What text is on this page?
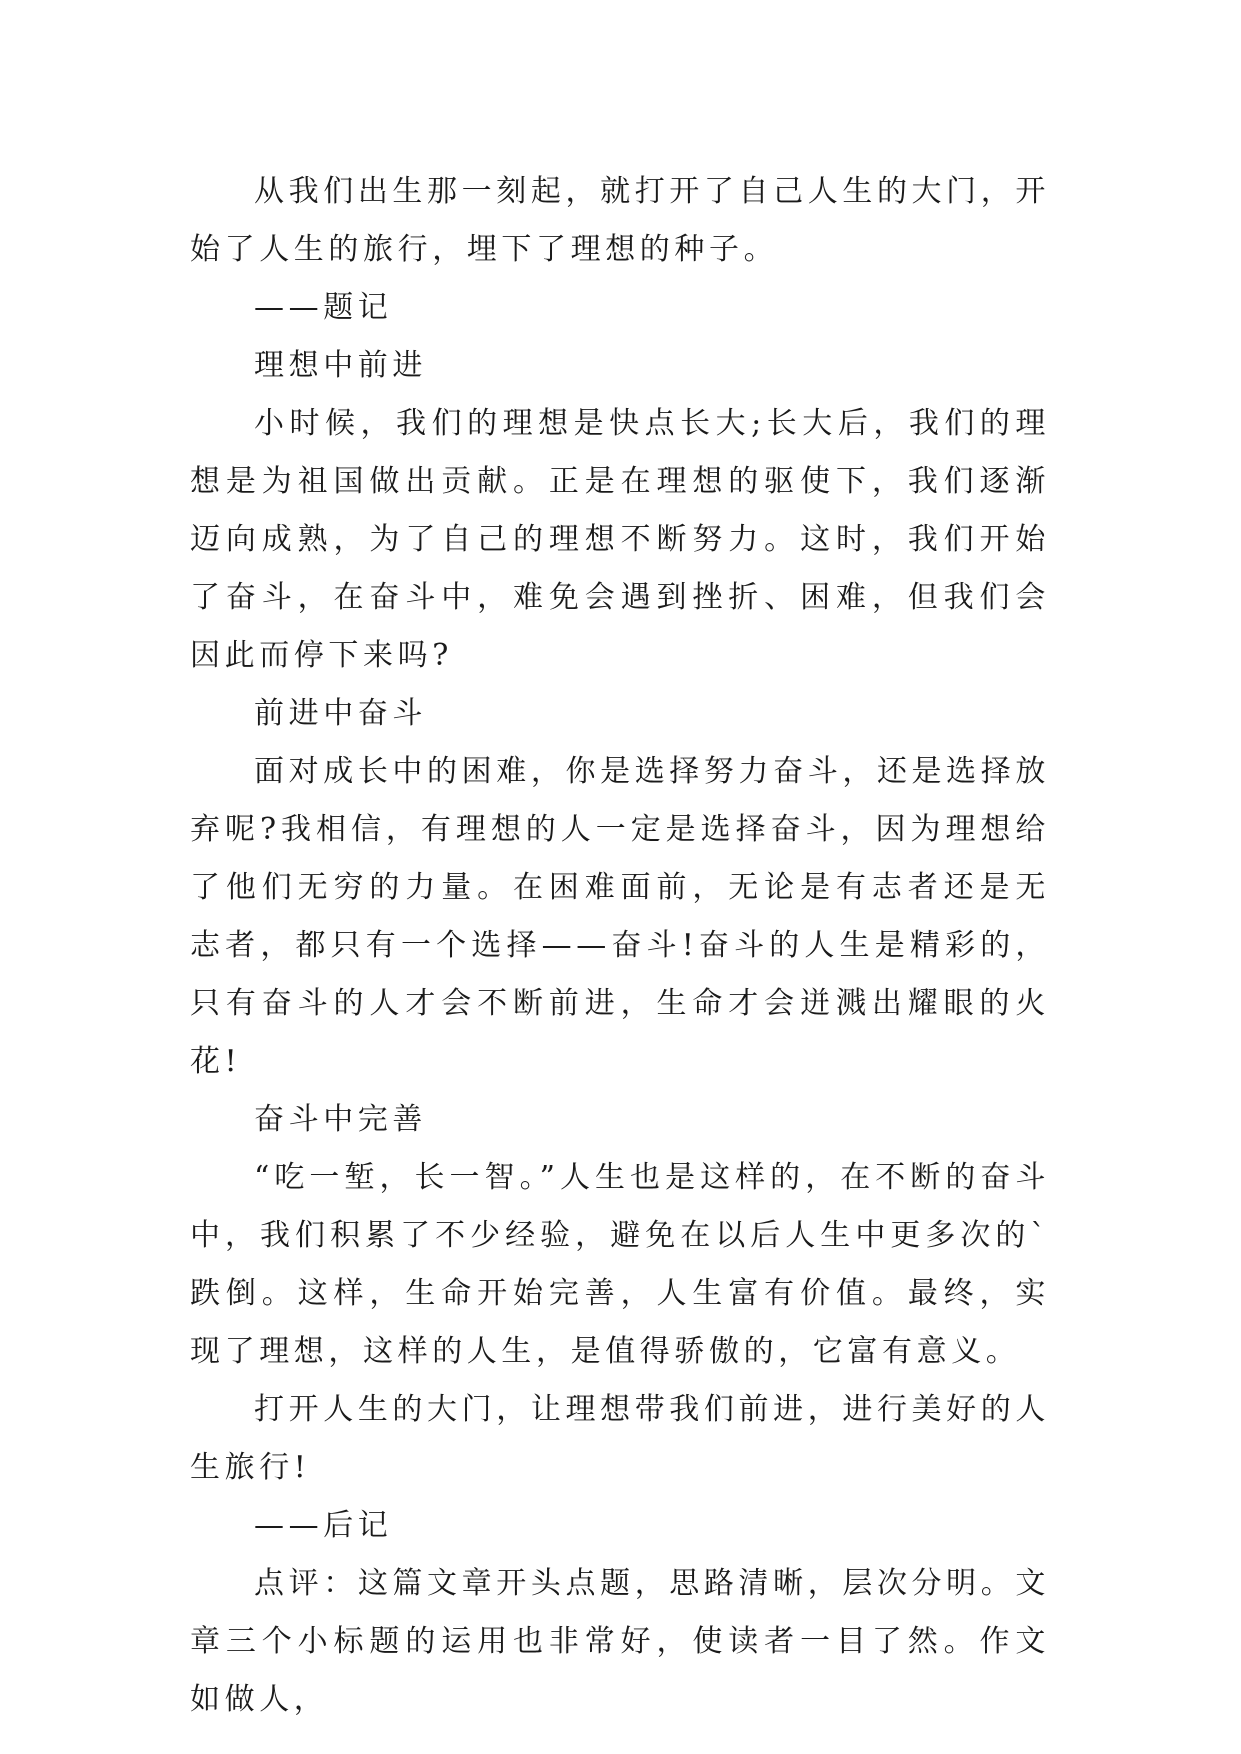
从我们出生那一刻起，就打开了自己人生的大门，开始了人生的旅行，埋下了理想的种子。

——题记

理想中前进

小时候，我们的理想是快点长大;长大后，我们的理想是为祖国做出贡献。正是在理想的驱使下，我们逐渐迈向成熟，为了自己的理想不断努力。这时，我们开始了奋斗，在奋斗中，难免会遇到挫折、困难，但我们会因此而停下来吗?

前进中奋斗

面对成长中的困难，你是选择努力奋斗，还是选择放弃呢?我相信，有理想的人一定是选择奋斗，因为理想给了他们无穷的力量。在困难面前，无论是有志者还是无志者，都只有一个选择——奋斗!奋斗的人生是精彩的，只有奋斗的人才会不断前进，生命才会迸溅出耀眼的火花!

奋斗中完善

“吃一堑，长一智。”人生也是这样的，在不断的奋斗中，我们积累了不少经验，避免在以后人生中更多次的`跌倒。这样，生命开始完善，人生富有价值。最终，实现了理想，这样的人生，是值得骄傲的，它富有意义。

打开人生的大门，让理想带我们前进，进行美好的人生旅行!

——后记

点评：这篇文章开头点题，思路清晰，层次分明。文章三个小标题的运用也非常好，使读者一目了然。作文如做人，
